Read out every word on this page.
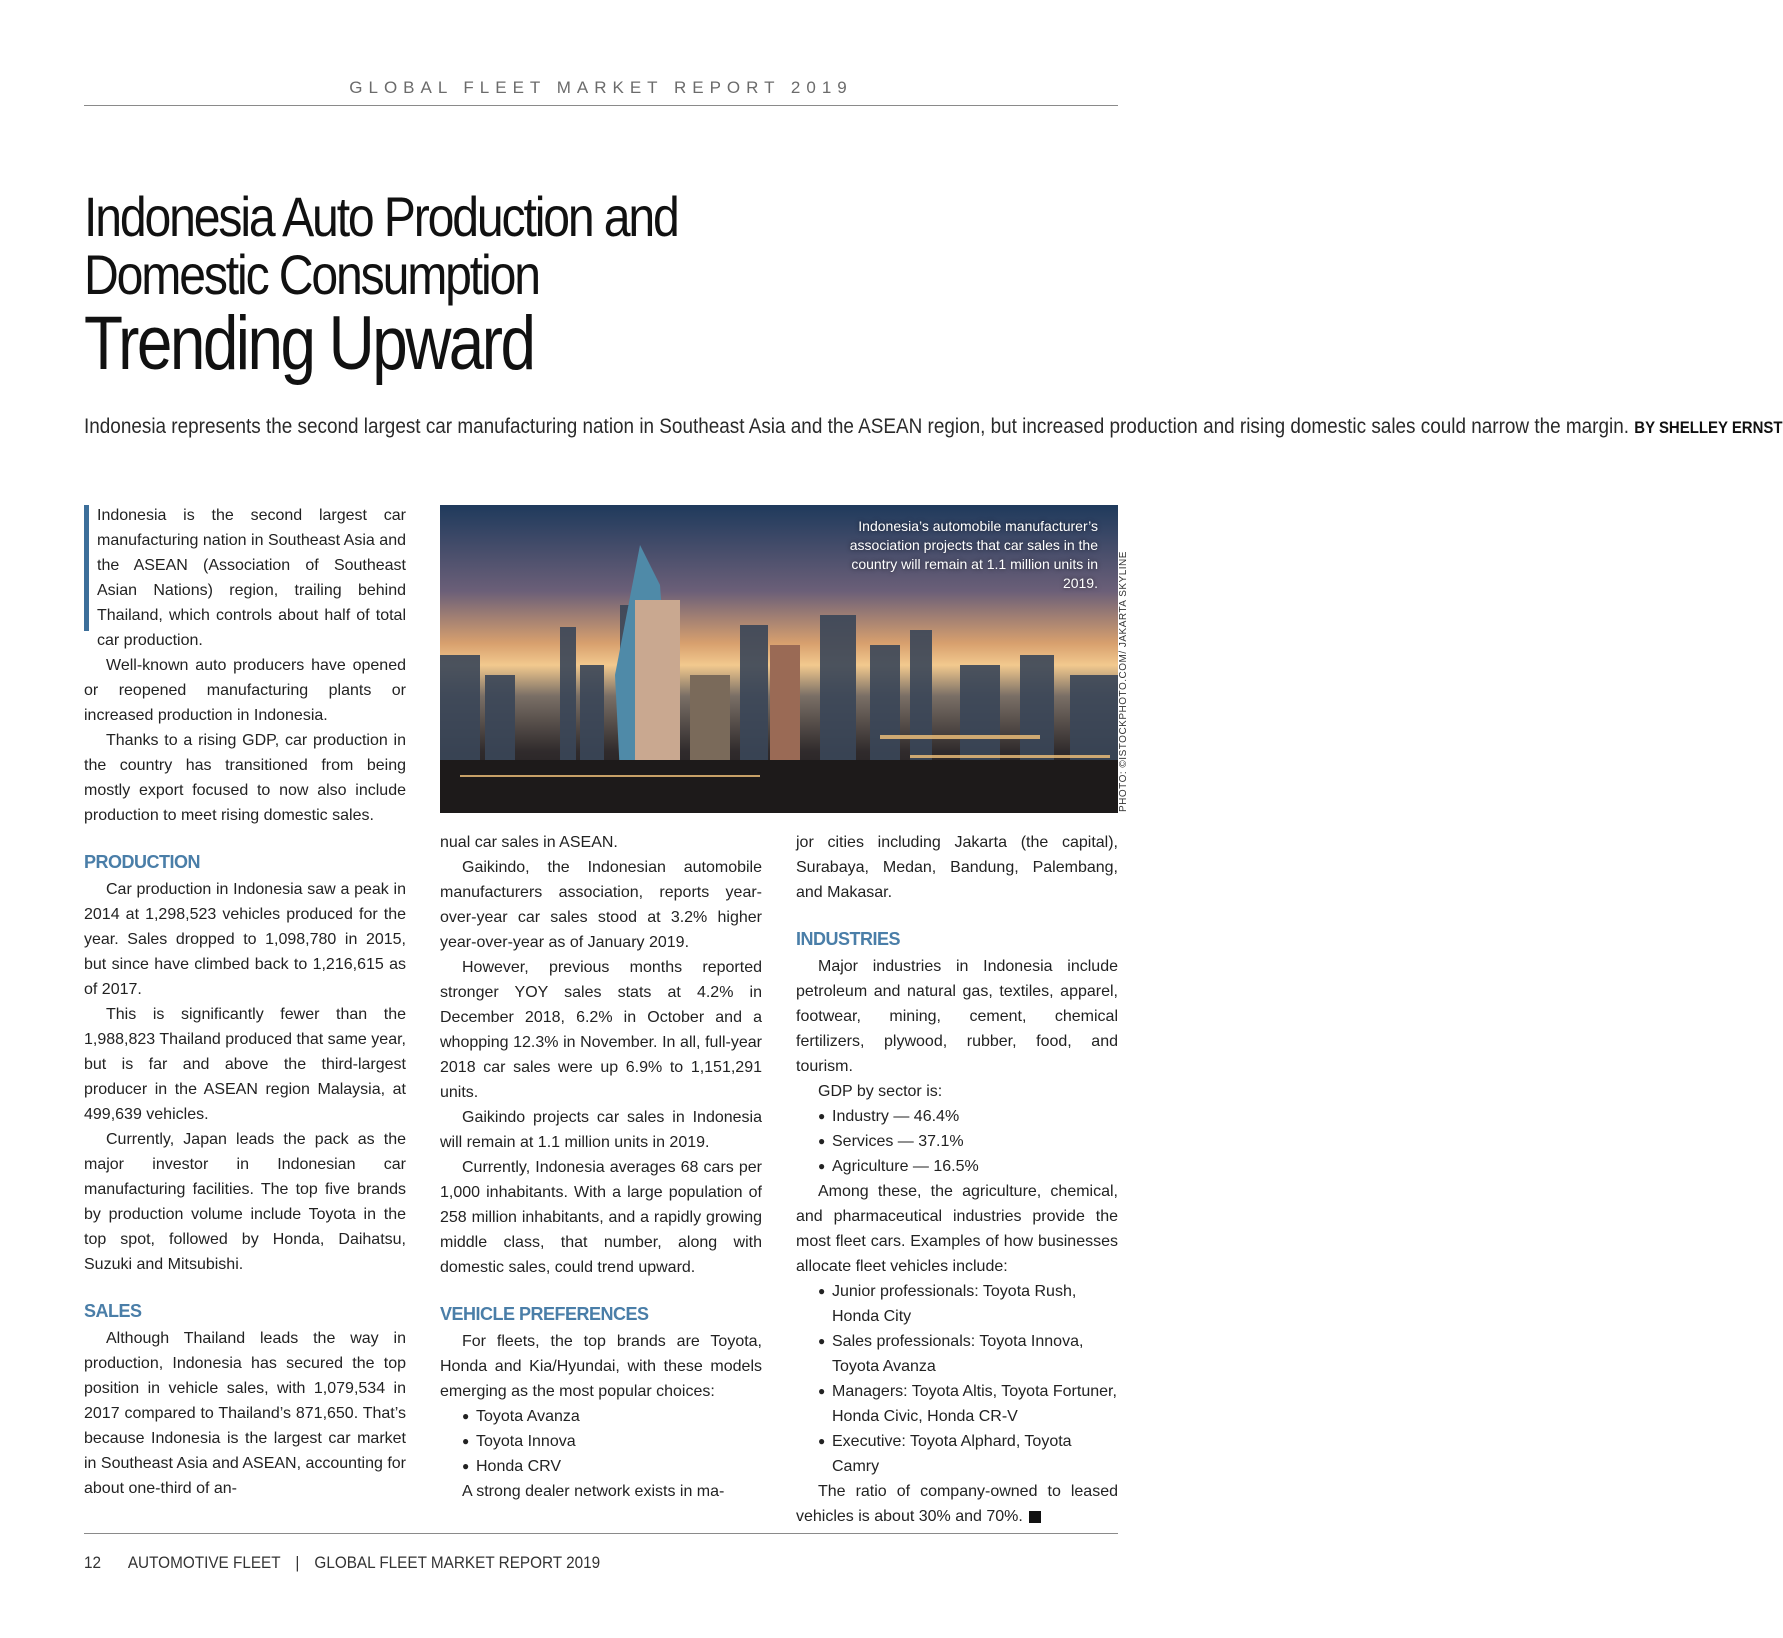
GLOBAL FLEET MARKET REPORT 2019
Indonesia Auto Production and
Domestic Consumption
Trending Upward
Indonesia represents the second largest car manufacturing nation in Southeast Asia and the ASEAN region, but increased production and rising domestic sales could narrow the margin. BY SHELLEY ERNST

Indonesia is the second largest car manufacturing nation in Southeast Asia and the ASEAN (Association of Southeast Asian Nations) region, trailing behind Thailand, which controls about half of total car production.

Well-known auto producers have opened or reopened manufacturing plants or increased production in Indonesia.

Thanks to a rising GDP, car production in the country has transitioned from being mostly export focused to now also include production to meet rising domestic sales.

PRODUCTION

Car production in Indonesia saw a peak in 2014 at 1,298,523 vehicles produced for the year. Sales dropped to 1,098,780 in 2015, but since have climbed back to 1,216,615 as of 2017.

This is significantly fewer than the 1,988,823 Thailand produced that same year, but is far and above the third-largest producer in the ASEAN region Malaysia, at 499,639 vehicles.

Currently, Japan leads the pack as the major investor in Indonesian car manufacturing facilities. The top five brands by production volume include Toyota in the top spot, followed by Honda, Daihatsu, Suzuki and Mitsubishi.

SALES

Although Thailand leads the way in production, Indonesia has secured the top position in vehicle sales, with 1,079,534 in 2017 compared to Thailand’s 871,650. That’s because Indonesia is the largest car market in Southeast Asia and ASEAN, accounting for about one-third of an-

Indonesia’s automobile manufacturer’s association projects that car sales in the country will remain at 1.1 million units in 2019. PHOTO: ©ISTOCKPHOTO.COM/ JAKARTA SKYLINE

nual car sales in ASEAN.

Gaikindo, the Indonesian automobile manufacturers association, reports year-over-year car sales stood at 3.2% higher year-over-year as of January 2019.

However, previous months reported stronger YOY sales stats at 4.2% in December 2018, 6.2% in October and a whopping 12.3% in November. In all, full-year 2018 car sales were up 6.9% to 1,151,291 units.

Gaikindo projects car sales in Indonesia will remain at 1.1 million units in 2019.

Currently, Indonesia averages 68 cars per 1,000 inhabitants. With a large population of 258 million inhabitants, and a rapidly growing middle class, that number, along with domestic sales, could trend upward.

VEHICLE PREFERENCES

For fleets, the top brands are Toyota, Honda and Kia/Hyundai, with these models emerging as the most popular choices:

● Toyota Avanza
● Toyota Innova
● Honda CRV

A strong dealer network exists in ma-

jor cities including Jakarta (the capital), Surabaya, Medan, Bandung, Palembang, and Makasar.

INDUSTRIES

Major industries in Indonesia include petroleum and natural gas, textiles, apparel, footwear, mining, cement, chemical fertilizers, plywood, rubber, food, and tourism.

GDP by sector is:

● Industry — 46.4%
● Services — 37.1%
● Agriculture — 16.5%

Among these, the agriculture, chemical, and pharmaceutical industries provide the most fleet cars. Examples of how businesses allocate fleet vehicles include:

● Junior professionals: Toyota Rush, Honda City
● Sales professionals: Toyota Innova, Toyota Avanza
● Managers: Toyota Altis, Toyota Fortuner, Honda Civic, Honda CR-V
● Executive: Toyota Alphard, Toyota Camry

The ratio of company-owned to leased vehicles is about 30% and 70%.

12 AUTOMOTIVE FLEET | GLOBAL FLEET MARKET REPORT 2019
